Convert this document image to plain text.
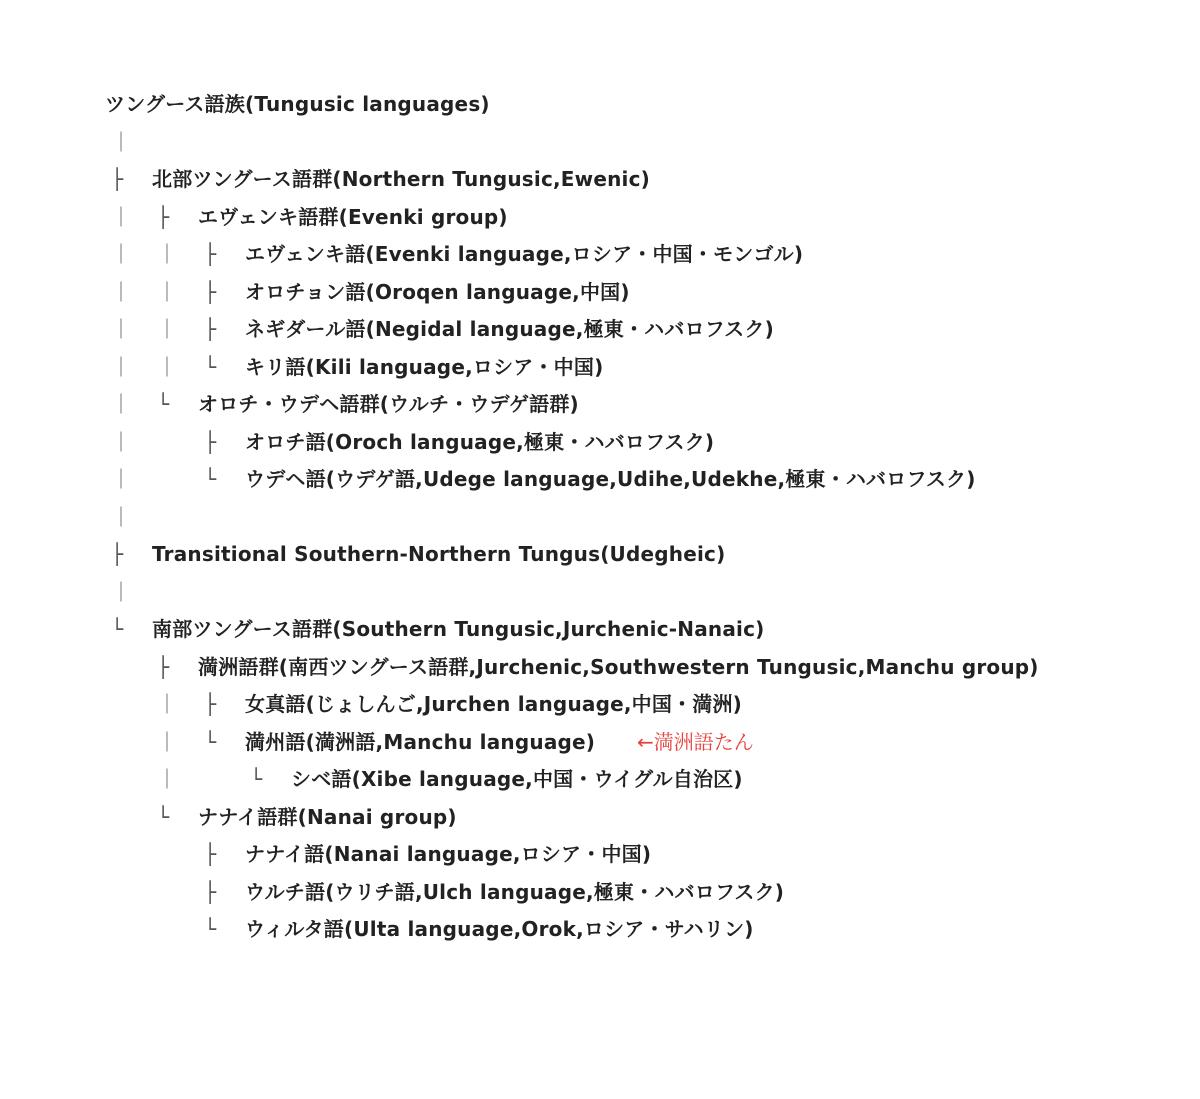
ツングース語族(Tungusic languages)
｜
├ 北部ツングース語群(Northern Tungusic,Ewenic)
｜ ├ エヴェンキ語群(Evenki group)
｜ ｜ ├ エヴェンキ語(Evenki language,ロシア・中国・モンゴル)
｜ ｜ ├ オロチョン語(Oroqen language,中国)
｜ ｜ ├ ネギダール語(Negidal language,極東・ハバロフスク)
｜ ｜ └ キリ語(Kili language,ロシア・中国)
｜ └ オロチ・ウデヘ語群(ウルチ・ウデゲ語群)
｜	├ オロチ語(Oroch language,極東・ハバロフスク)
｜	└ ウデヘ語(ウデゲ語,Udege language,Udihe,Udekhe,極東・ハバロフスク)
｜
├ Transitional Southern-Northern Tungus(Udegheic)
｜
└ 南部ツングース語群(Southern Tungusic,Jurchenic-Nanaic)
├ 満洲語群(南西ツングース語群,Jurchenic,Southwestern Tungusic,Manchu group)
｜ ├ 女真語(じょしんご,Jurchen language,中国・満洲)
｜ └ 満州語(満洲語,Manchu language) ←満洲語たん
｜	└ シベ語(Xibe language,中国・ウイグル自治区)
└ ナナイ語群(Nanai group)
├ ナナイ語(Nanai language,ロシア・中国)
├ ウルチ語(ウリチ語,Ulch language,極東・ハバロフスク)
└ ウィルタ語(Ulta language,Orok,ロシア・サハリン)
